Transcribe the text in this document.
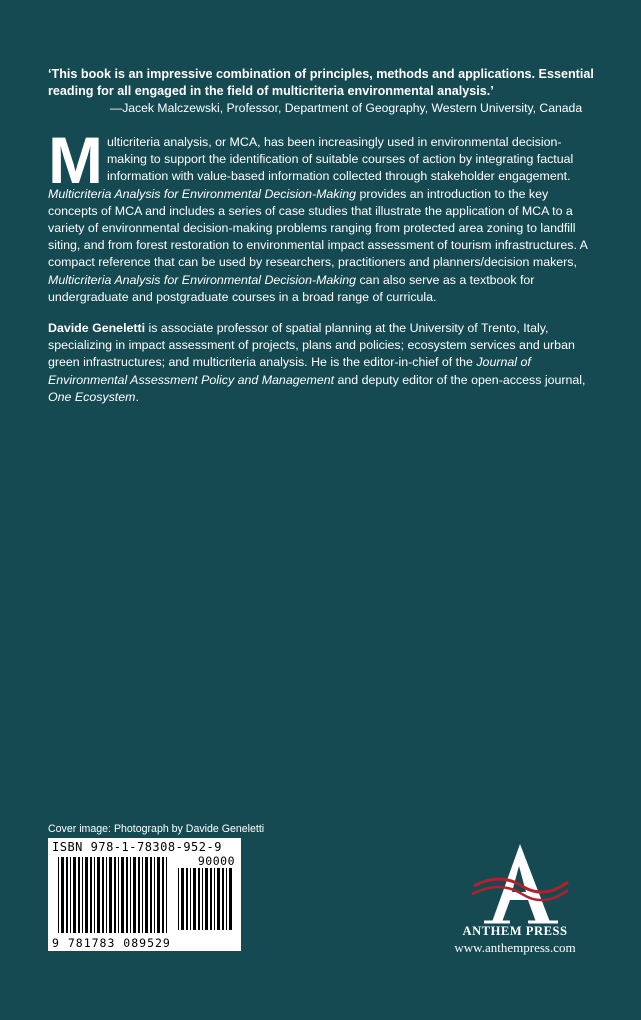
‘This book is an impressive combination of principles, methods and applications. Essential reading for all engaged in the field of multicriteria environmental analysis.’
—Jacek Malczewski, Professor, Department of Geography, Western University, Canada
Multicriteria analysis, or MCA, has been increasingly used in environmental decision-making to support the identification of suitable courses of action by integrating factual information with value-based information collected through stakeholder engagement. Multicriteria Analysis for Environmental Decision-Making provides an introduction to the key concepts of MCA and includes a series of case studies that illustrate the application of MCA to a variety of environmental decision-making problems ranging from protected area zoning to landfill siting, and from forest restoration to environmental impact assessment of tourism infrastructures. A compact reference that can be used by researchers, practitioners and planners/decision makers, Multicriteria Analysis for Environmental Decision-Making can also serve as a textbook for undergraduate and postgraduate courses in a broad range of curricula.
Davide Geneletti is associate professor of spatial planning at the University of Trento, Italy, specializing in impact assessment of projects, plans and policies; ecosystem services and urban green infrastructures; and multicriteria analysis. He is the editor-in-chief of the Journal of Environmental Assessment Policy and Management and deputy editor of the open-access journal, One Ecosystem.
Cover image: Photograph by Davide Geneletti
ISBN 978-1-78308-952-9
90000
9 781783 089529
ANTHEM PRESS
www.anthempress.com
